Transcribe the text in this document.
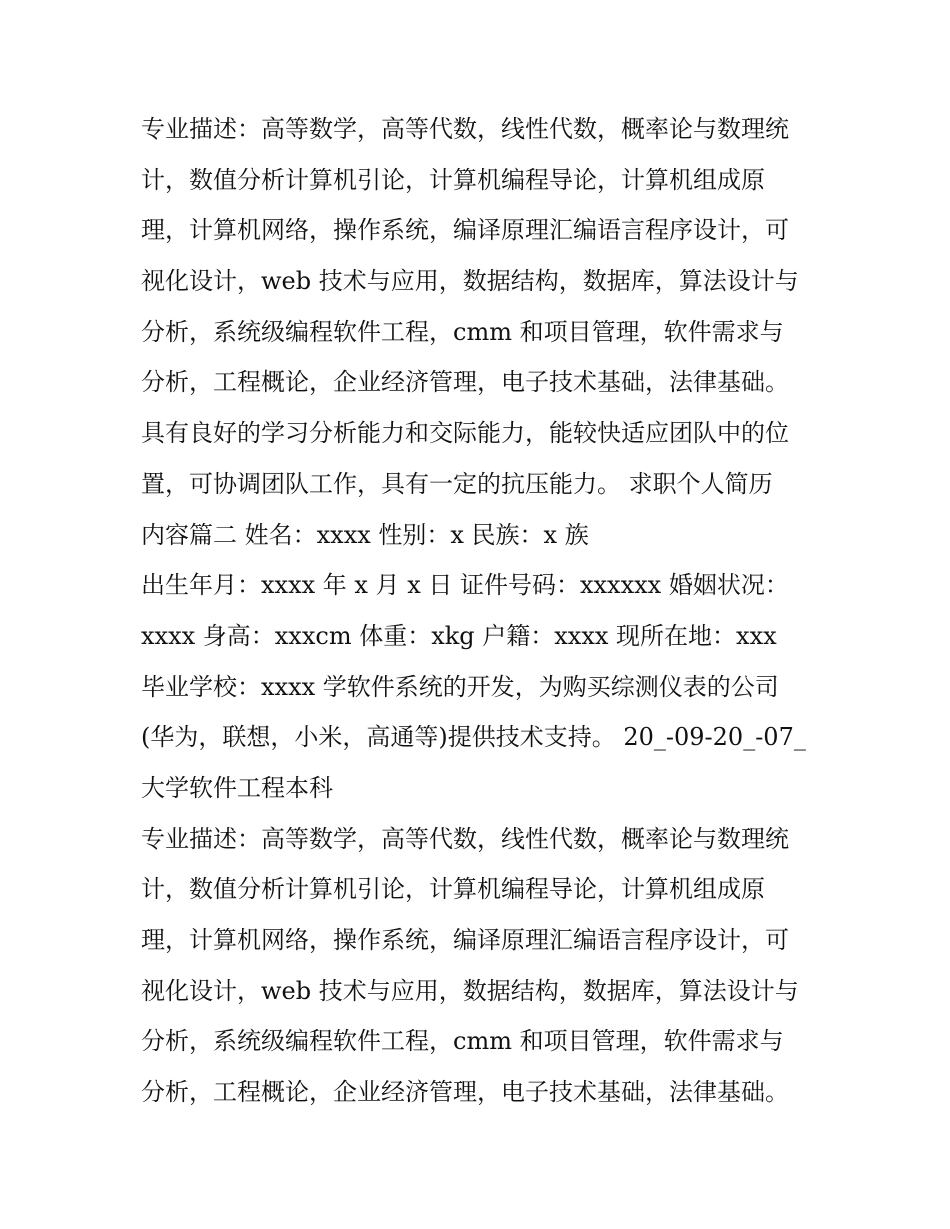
专业描述：高等数学，高等代数，线性代数，概率论与数理统
计，数值分析计算机引论，计算机编程导论，计算机组成原
理，计算机网络，操作系统，编译原理汇编语言程序设计，可
视化设计，web 技术与应用，数据结构，数据库，算法设计与
分析，系统级编程软件工程，cmm 和项目管理，软件需求与
分析，工程概论，企业经济管理，电子技术基础，法律基础。
具有良好的学习分析能力和交际能力，能较快适应团队中的位
置，可协调团队工作，具有一定的抗压能力。 求职个人简历
内容篇二 姓名：xxxx 性别：x 民族：x 族
出生年月：xxxx 年 x 月 x 日 证件号码：xxxxxx 婚姻状况：
xxxx 身高：xxxcm 体重：xkg 户籍：xxxx 现所在地：xxx
毕业学校：xxxx 学软件系统的开发，为购买综测仪表的公司
(华为，联想，小米，高通等)提供技术支持。 20_-09-20_-07_
大学软件工程本科
专业描述：高等数学，高等代数，线性代数，概率论与数理统
计，数值分析计算机引论，计算机编程导论，计算机组成原
理，计算机网络，操作系统，编译原理汇编语言程序设计，可
视化设计，web 技术与应用，数据结构，数据库，算法设计与
分析，系统级编程软件工程，cmm 和项目管理，软件需求与
分析，工程概论，企业经济管理，电子技术基础，法律基础。
